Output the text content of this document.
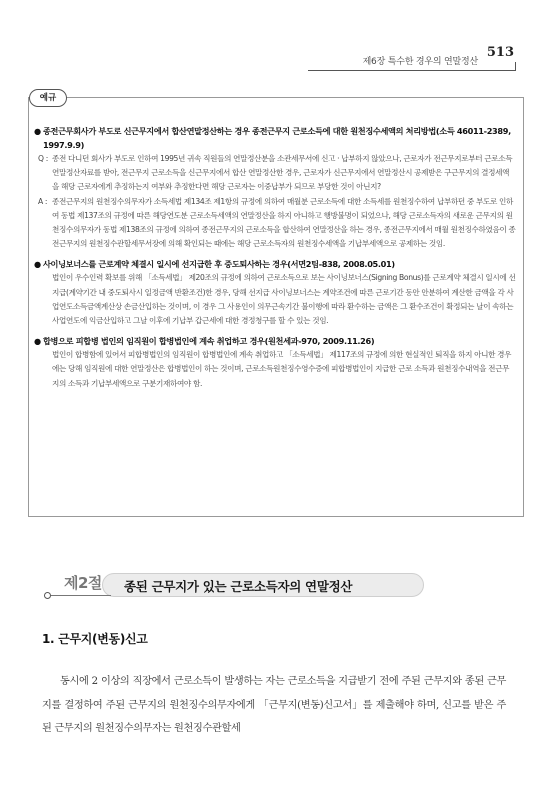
제6장 특수한 경우의 연말정산
513
예규
● 종전근무회사가 부도로 신근무지에서 합산연말정산하는 경우 종전근무지 근로소득에 대한 원천징수세액의 처리방법(소득 46011-2389, 1997.9.9)
Q : 종전 다니던 회사가 부도로 인하여 1995년 귀속 직원들의 연말정산분을 소관세무서에 신고 · 납부하지 않았으나, 근로자가 전근무지로부터 근로소득연말정산자료를 받아, 전근무지 근로소득을 신근무지에서 합산 연말정산한 경우, 근로자가 신근무지에서 연말정산시 공제받은 구근무지의 결정세액을 해당 근로자에게 추징하는지 여부와 추징한다면 해당 근로자는 이중납부가 되므로 부당한 것이 아닌지?
A : 종전근무지의 원천징수의무자가 소득세법 제134조 제1항의 규정에 의하여 매월분 근로소득에 대한 소득세를 원천징수하여 납부하던 중 부도로 인하여 동법 제137조의 규정에 따른 해당연도분 근로소득세액의 연말정산을 하지 아니하고 행방불명이 되었으나, 해당 근로소득자의 새로운 근무지의 원천징수의무자가 동법 제138조의 규정에 의하여 종전근무지의 근로소득을 합산하여 연말정산을 하는 경우, 종전근무지에서 매월 원천징수하였음이 종전근무지의 원천징수관할세무서장에 의해 확인되는 때에는 해당 근로소득자의 원천징수세액을 기납부세액으로 공제하는 것임.
● 사이닝보너스를 근로계약 체결시 일시에 선지급한 후 중도퇴사하는 경우(서면2팀-838, 2008.05.01)
법인이 우수인력 확보를 위해 「소득세법」 제20조의 규정에 의하여 근로소득으로 보는 사이닝보너스(Signing Bonus)를 근로계약 체결시 일시에 선지급(계약기간 내 중도퇴사시 일정금액 반환조건)한 경우, 당해 선지급 사이닝보너스는 계약조건에 따른 근로기간 동안 안분하여 계산한 금액을 각 사업연도소득금액계산상 손금산입하는 것이며, 이 경우 그 사용인이 의무근속기간 불이행에 따라 환수하는 금액은 그 환수조건이 확정되는 날이 속하는 사업연도에 익금산입하고 그날 이후에 기납부 갑근세에 대한 경정청구를 할 수 있는 것임.
● 합병으로 피합병 법인의 임직원이 합병법인에 계속 취업하고 경우(원천세과-970, 2009.11.26)
법인이 합병함에 있어서 피합병법인의 임직원이 합병법인에 계속 취업하고 「소득세법」 제117조의 규정에 의한 현실적인 퇴직을 하지 아니한 경우에는 당해 임직원에 대한 연말정산은 합병법인이 하는 것이며, 근로소득원천징수영수증에 피합병법인이 지급한 근로 소득과 원천징수내역을 전근무지의 소득과 기납부세액으로 구분기재하여야 함.
제2절 종된 근무지가 있는 근로소득자의 연말정산
1. 근무지(변동)신고

동시에 2 이상의 직장에서 근로소득이 발생하는 자는 근로소득을 지급받기 전에 주된 근무지와 종된 근무지를 결정하여 주된 근무지의 원천징수의무자에게 「근무지(변동)신고서」를 제출해야 하며, 신고를 받은 주된 근무지의 원천징수의무자는 원천징수관할세
